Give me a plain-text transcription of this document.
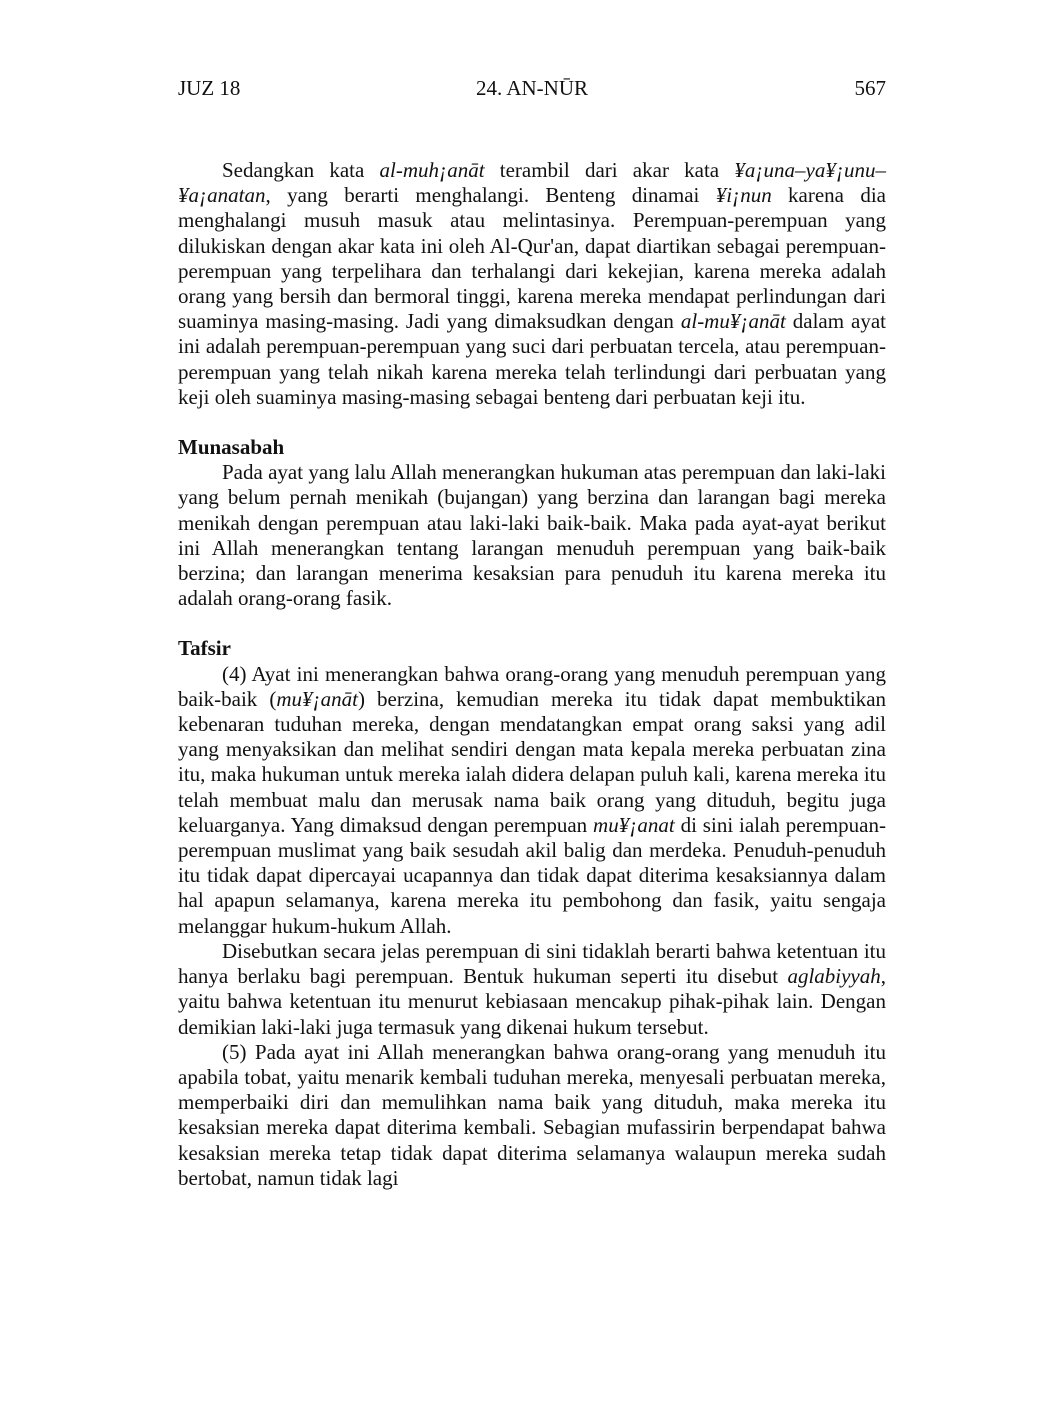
JUZ 18	24. AN-NŪR	567

Sedangkan kata al-muh¡anāt terambil dari akar kata ¥a¡una–ya¥¡unu–¥a¡anatan, yang berarti menghalangi. Benteng dinamai ¥i¡nun karena dia menghalangi musuh masuk atau melintasinya. Perempuan-perempuan yang dilukiskan dengan akar kata ini oleh Al-Qur'an, dapat diartikan sebagai perempuan-perempuan yang terpelihara dan terhalangi dari kekejian, karena mereka adalah orang yang bersih dan bermoral tinggi, karena mereka mendapat perlindungan dari suaminya masing-masing. Jadi yang dimaksudkan dengan al-mu¥¡anāt dalam ayat ini adalah perempuan-perempuan yang suci dari perbuatan tercela, atau perempuan-perempuan yang telah nikah karena mereka telah terlindungi dari perbuatan yang keji oleh suaminya masing-masing sebagai benteng dari perbuatan keji itu.

Munasabah

Pada ayat yang lalu Allah menerangkan hukuman atas perempuan dan laki-laki yang belum pernah menikah (bujangan) yang berzina dan larangan bagi mereka menikah dengan perempuan atau laki-laki baik-baik. Maka pada ayat-ayat berikut ini Allah menerangkan tentang larangan menuduh perempuan yang baik-baik berzina; dan larangan menerima kesaksian para penuduh itu karena mereka itu adalah orang-orang fasik.

Tafsir

(4) Ayat ini menerangkan bahwa orang-orang yang menuduh perempuan yang baik-baik (mu¥¡anāt) berzina, kemudian mereka itu tidak dapat membuktikan kebenaran tuduhan mereka, dengan mendatangkan empat orang saksi yang adil yang menyaksikan dan melihat sendiri dengan mata kepala mereka perbuatan zina itu, maka hukuman untuk mereka ialah didera delapan puluh kali, karena mereka itu telah membuat malu dan merusak nama baik orang yang dituduh, begitu juga keluarganya. Yang dimaksud dengan perempuan mu¥¡anat di sini ialah perempuan-perempuan muslimat yang baik sesudah akil balig dan merdeka. Penuduh-penuduh itu tidak dapat dipercayai ucapannya dan tidak dapat diterima kesaksiannya dalam hal apapun selamanya, karena mereka itu pembohong dan fasik, yaitu sengaja melanggar hukum-hukum Allah.

Disebutkan secara jelas perempuan di sini tidaklah berarti bahwa ketentuan itu hanya berlaku bagi perempuan. Bentuk hukuman seperti itu disebut aglabiyyah, yaitu bahwa ketentuan itu menurut kebiasaan mencakup pihak-pihak lain. Dengan demikian laki-laki juga termasuk yang dikenai hukum tersebut.

(5) Pada ayat ini Allah menerangkan bahwa orang-orang yang menuduh itu apabila tobat, yaitu menarik kembali tuduhan mereka, menyesali perbuatan mereka, memperbaiki diri dan memulihkan nama baik yang dituduh, maka mereka itu kesaksian mereka dapat diterima kembali. Sebagian mufassirin berpendapat bahwa kesaksian mereka tetap tidak dapat diterima selamanya walaupun mereka sudah bertobat, namun tidak lagi
